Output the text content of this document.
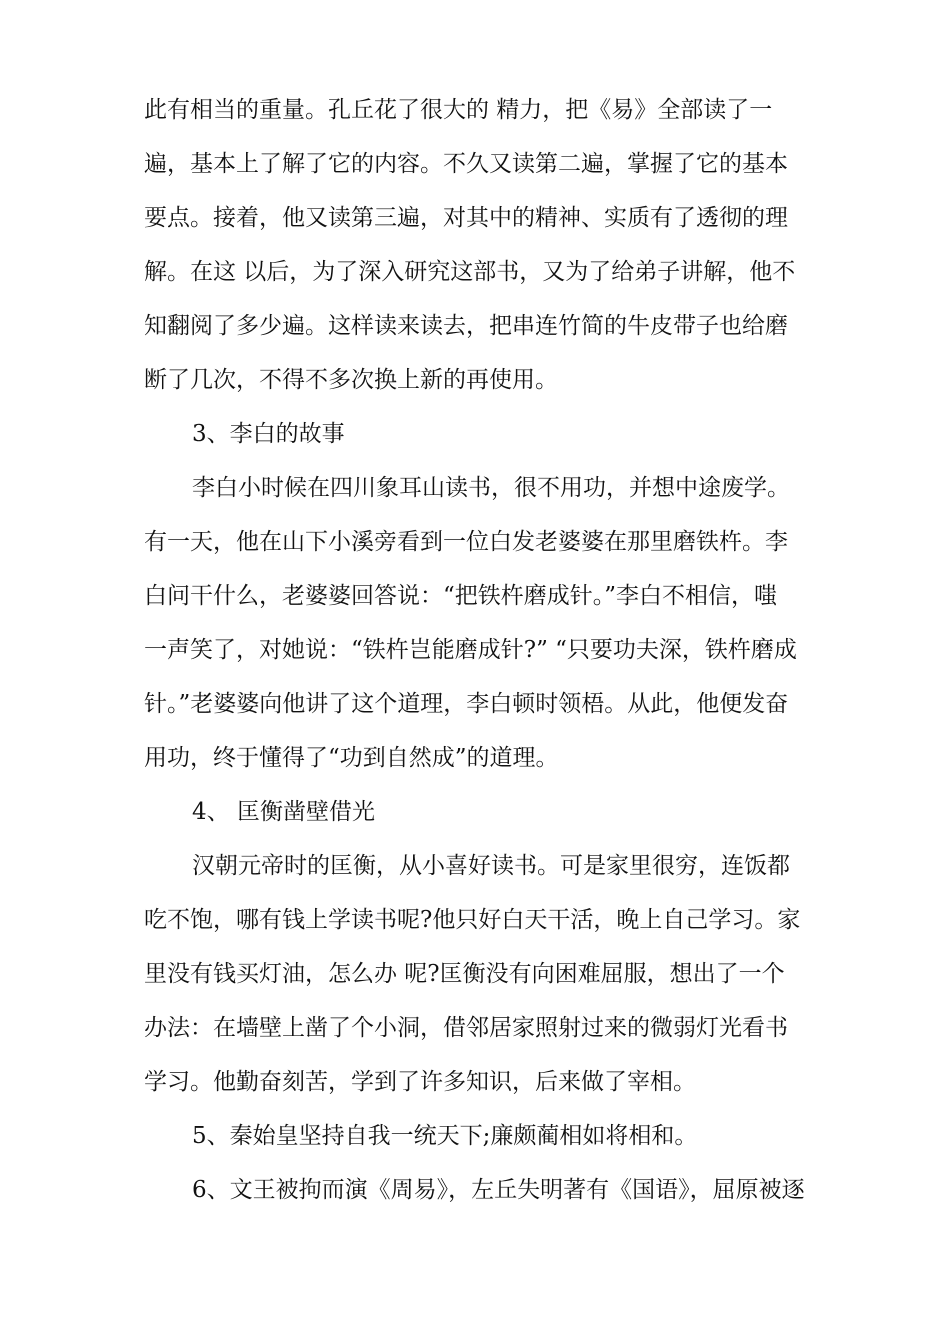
此有相当的重量。孔丘花了很大的 精力，把《易》全部读了一
遍，基本上了解了它的内容。不久又读第二遍，掌握了它的基本
要点。接着，他又读第三遍，对其中的精神、实质有了透彻的理
解。在这 以后，为了深入研究这部书，又为了给弟子讲解，他不
知翻阅了多少遍。这样读来读去，把串连竹简的牛皮带子也给磨
断了几次，不得不多次换上新的再使用。
3、李白的故事
李白小时候在四川象耳山读书，很不用功，并想中途废学。
有一天，他在山下小溪旁看到一位白发老婆婆在那里磨铁杵。李
白问干什么，老婆婆回答说：“把铁杵磨成针。”李白不相信，嗤
一声笑了，对她说：“铁杵岂能磨成针?” “只要功夫深，铁杵磨成
针。”老婆婆向他讲了这个道理，李白顿时领梧。从此，他便发奋
用功，终于懂得了“功到自然成”的道理。
4、 匡衡凿壁借光
汉朝元帝时的匡衡，从小喜好读书。可是家里很穷，连饭都
吃不饱，哪有钱上学读书呢?他只好白天干活，晚上自己学习。家
里没有钱买灯油，怎么办 呢?匡衡没有向困难屈服，想出了一个
办法：在墙壁上凿了个小洞，借邻居家照射过来的微弱灯光看书
学习。他勤奋刻苦，学到了许多知识，后来做了宰相。
5、秦始皇坚持自我一统天下;廉颇蔺相如将相和。
6、文王被拘而演《周易》，左丘失明著有《国语》，屈原被逐
